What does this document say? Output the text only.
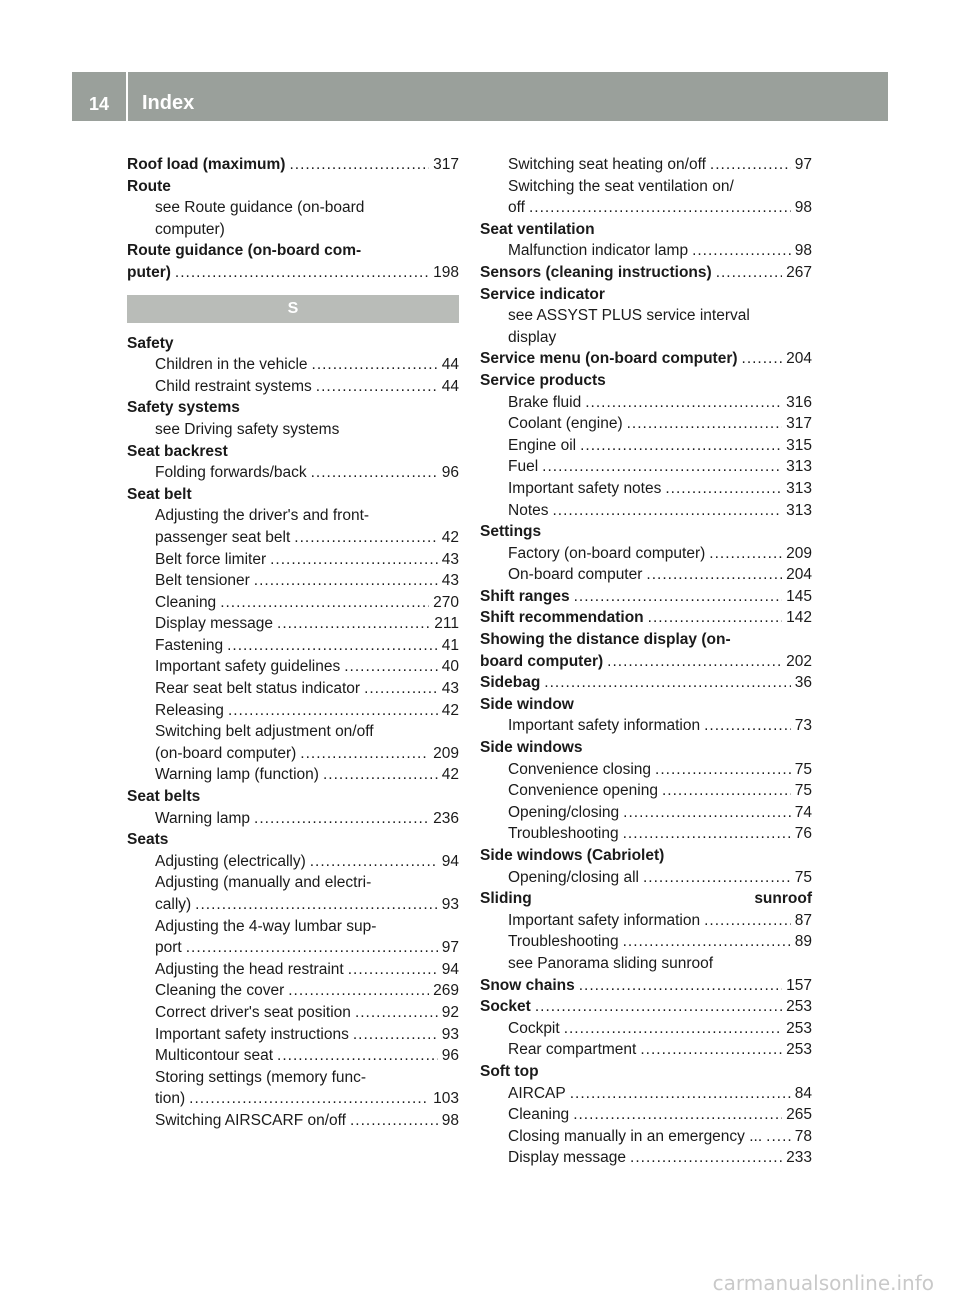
14	Index
Roof load (maximum) .....	317
Route
see Route guidance (on-board
computer)
Route guidance (on-board com-
puter) .....	198
S
Safety
Children in the vehicle .....	44
Child restraint systems .....	44
Safety systems
see Driving safety systems
Seat backrest
Folding forwards/back .....	96
Seat belt
Adjusting the driver's and front-
passenger seat belt .....	42
Belt force limiter .....	43
Belt tensioner .....	43
Cleaning .....	270
Display message .....	211
Fastening .....	41
Important safety guidelines .....	40
Rear seat belt status indicator .....	43
Releasing .....	42
Switching belt adjustment on/off
(on-board computer) .....	209
Warning lamp (function) .....	42
Seat belts
Warning lamp .....	236
Seats
Adjusting (electrically) .....	94
Adjusting (manually and electri-
cally) .....	93
Adjusting the 4-way lumbar sup-
port .....	97
Adjusting the head restraint .....	94
Cleaning the cover .....	269
Correct driver's seat position .....	92
Important safety instructions .....	93
Multicontour seat .....	96
Storing settings (memory func-
tion) .....	103
Switching AIRSCARF on/off .....	98
Switching seat heating on/off .....	97
Switching the seat ventilation on/
off .....	98
Seat ventilation
Malfunction indicator lamp .....	98
Sensors (cleaning instructions) .....	267
Service indicator
see ASSYST PLUS service interval
display
Service menu (on-board computer) .....	204
Service products
Brake fluid .....	316
Coolant (engine) .....	317
Engine oil .....	315
Fuel .....	313
Important safety notes .....	313
Notes .....	313
Settings
Factory (on-board computer) .....	209
On-board computer .....	204
Shift ranges .....	145
Shift recommendation .....	142
Showing the distance display (on-
board computer) .....	202
Sidebag .....	36
Side window
Important safety information .....	73
Side windows
Convenience closing .....	75
Convenience opening .....	75
Opening/closing .....	74
Troubleshooting .....	76
Side windows (Cabriolet)
Opening/closing all .....	75
Sliding	sunroof
Important safety information .....	87
Troubleshooting .....	89
see Panorama sliding sunroof
Snow chains .....	157
Socket .....	253
Cockpit .....	253
Rear compartment .....	253
Soft top
AIRCAP .....	84
Cleaning .....	265
Closing manually in an emergency ... ..... 78
Display message .....	233
carmanualsonline.info
